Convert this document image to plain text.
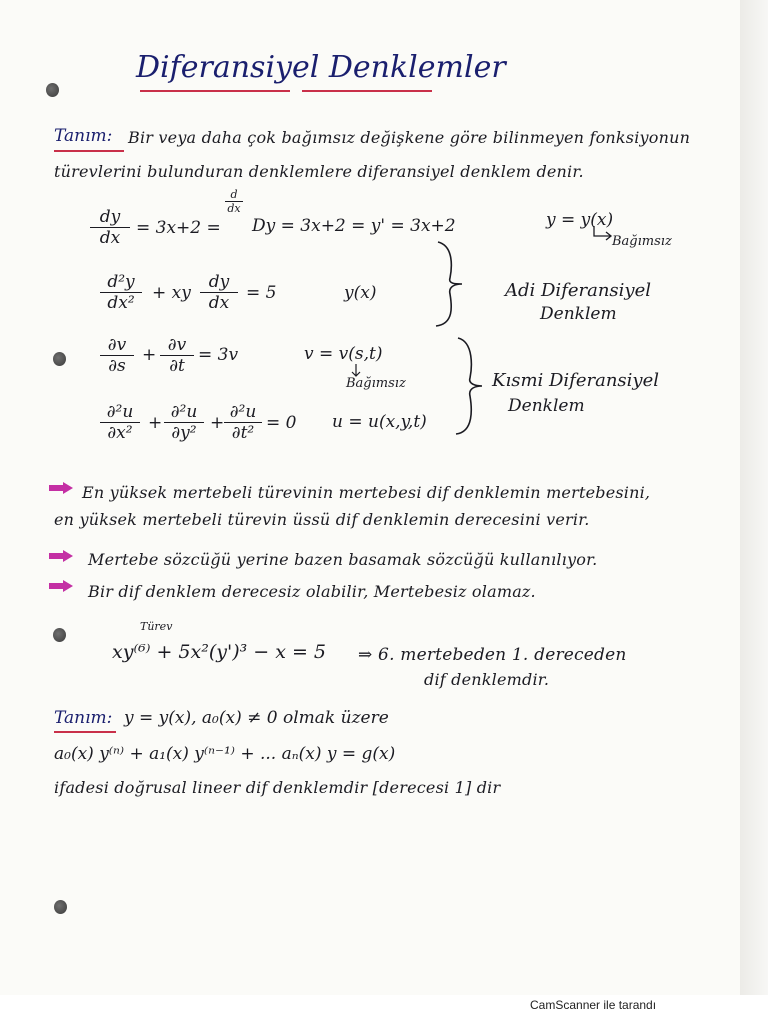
Diferansiyel Denklemler
Tanım: Bir veya daha çok bağımsız değişkene göre bilinmeyen fonksiyonun
türevlerini bulunduran denklemlere diferansiyel denklem denir.
$\frac{dy}{dx} = 3x+2$ =
$\frac{d}{dx}$
Dy = 3x+2 = y' = 3x+2	y = y(x)
Bağımsız
$\frac{\text{d²y}}{\text{dx²}}$ + xy $\frac{dy}{dx} = 5$	y(x)	Adi Diferansiyel
Denklem
$\frac{\partial v}{\partial s} + \frac{\partial v}{\partial t} = 3v$	v = v(s,t)
Bağımsız
$\frac{\text{∂²u}}{\text{∂x²}} + \frac{\text{∂²u}}{\text{∂y²}} + \frac{\text{∂²u}}{\text{∂t²}} = 0$ u = u(x,y,t)
Kısmi Diferansiyel
Denklem
En yüksek mertebeli türevinin mertebesi dif denklemin mertebesini,
en yüksek mertebeli türevin üssü dif denklemin derecesini verir.
Mertebe sözcüğü yerine bazen basamak sözcüğü kullanılıyor.
Bir dif denklem derecesiz olabilir, Mertebesiz olamaz.
Türev
xy⁽⁶⁾ + 5x²(y')³ − x = 5 ⇒ 6. mertebeden 1. dereceden
dif denklemdir.
Tanım: y = y(x), a₀(x) ≠ 0 olmak üzere
a₀(x) y⁽ⁿ⁾ + a₁(x) y⁽ⁿ⁻¹⁾ + ... aₙ(x) y = g(x)
ifadesi doğrusal lineer dif denklemdir [derecesi 1] dir
CamScanner ile tarandı
